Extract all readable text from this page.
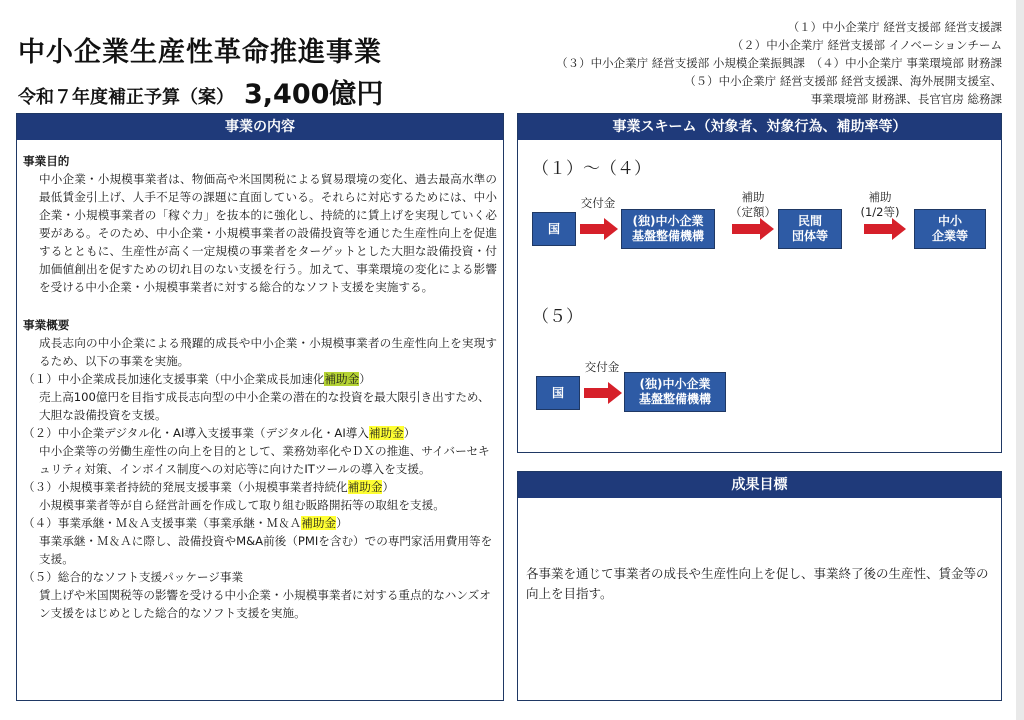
中小企業生産性革命推進事業
令和７年度補正予算（案） 3,400億円
（１）中小企業庁 経営支援部 経営支援課
（２）中小企業庁 経営支援部 イノベーションチーム
（３）中小企業庁 経営支援部 小規模企業振興課　（４）中小企業庁 事業環境部 財務課
（５）中小企業庁 経営支援部 経営支援課、海外展開支援室、
事業環境部 財務課、長官官房 総務課
事業の内容
事業目的
中小企業・小規模事業者は、物価高や米国関税による貿易環境の変化、過去最高水準の最低賃金引上げ、人手不足等の課題に直面している。それらに対応するためには、中小企業・小規模事業者の「稼ぐ力」を抜本的に強化し、持続的に賃上げを実現していく必要がある。そのため、中小企業・小規模事業者の設備投資等を通じた生産性向上を促進するとともに、生産性が高く一定規模の事業者をターゲットとした大胆な設備投資・付加価値創出を促すための切れ目のない支援を行う。加えて、事業環境の変化による影響を受ける中小企業・小規模事業者に対する総合的なソフト支援を実施する。
事業概要
成長志向の中小企業による飛躍的成長や中小企業・小規模事業者の生産性向上を実現するため、以下の事業を実施。
（１）中小企業成長加速化支援事業（中小企業成長加速化補助金）
売上高100億円を目指す成長志向型の中小企業の潜在的な投資を最大限引き出すため、大胆な設備投資を支援。
（２）中小企業デジタル化・AI導入支援事業（デジタル化・AI導入補助金）
中小企業等の労働生産性の向上を目的として、業務効率化やＤＸの推進、サイバーセキュリティ対策、インボイス制度への対応等に向けたITツールの導入を支援。
（３）小規模事業者持続的発展支援事業（小規模事業者持続化補助金）
小規模事業者等が自ら経営計画を作成して取り組む販路開拓等の取組を支援。
（４）事業承継・Ｍ＆Ａ支援事業（事業承継・Ｍ＆Ａ補助金）
事業承継・Ｍ＆Ａに際し、設備投資やM&A前後（PMIを含む）での専門家活用費用等を支援。
（５）総合的なソフト支援パッケージ事業
賃上げや米国関税等の影響を受ける中小企業・小規模事業者に対する重点的なハンズオン支援をはじめとした総合的なソフト支援を実施。
事業スキーム（対象者、対象行為、補助率等）
（１）～（４）
国
交付金
(独)中小企業
基盤整備機構
補助
（定額）
民間
団体等
補助
(1/2等)
中小
企業等
（５）
国
交付金
(独)中小企業
基盤整備機構
成果目標
各事業を通じて事業者の成長や生産性向上を促し、事業終了後の生産性、賃金等の向上を目指す。
